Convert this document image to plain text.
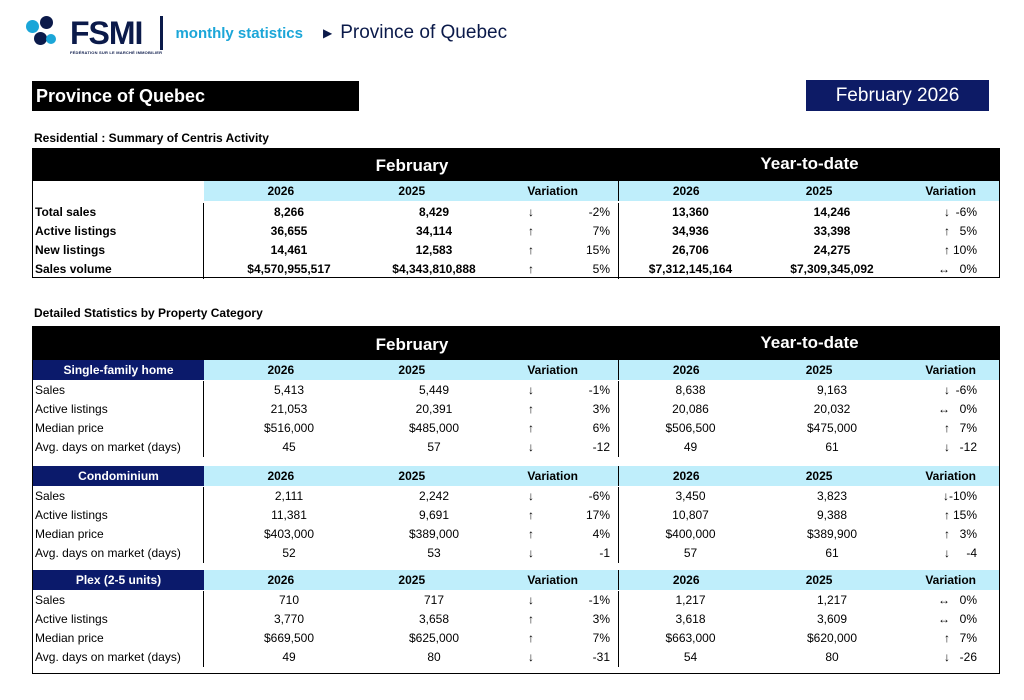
FSMI
FÉDÉRATION SUR LE MARCHÉ IMMOBILIER
monthly statistics ▶ Province of Quebec
Province of Quebec	February 2026
Residential : Summary of Centris Activity
February	Year-to-date
2026	2025	Variation	2026	2025	Variation
Total sales	8,266	8,429	↓	-2%	13,360	14,246	↓ -6%
Active listings	36,655	34,114	↑	7%	34,936	33,398	↑ 5%
New listings	14,461	12,583	↑	15%	26,706	24,275	↑ 10%
Sales volume	$4,570,955,517	$4,343,810,888	↑	5%	$7,312,145,164	$7,309,345,092	↔ 0%
Detailed Statistics by Property Category
February	Year-to-date
Single-family home	2026	2025	Variation	2026	2025	Variation
Sales	5,413	5,449	↓	-1%	8,638	9,163	↓ -6%
Active listings	21,053	20,391	↑	3%	20,086	20,032	↔ 0%
Median price	$516,000	$485,000	↑	6%	$506,500	$475,000	↑ 7%
Avg. days on market (days)	45	57	↓	-12	49	61	↓ -12
Condominium	2026	2025	Variation	2026	2025	Variation
Sales	2,111	2,242	↓	-6%	3,450	3,823	↓ -10%
Active listings	11,381	9,691	↑	17%	10,807	9,388	↑ 15%
Median price	$403,000	$389,000	↑	4%	$400,000	$389,900	↑ 3%
Avg. days on market (days)	52	53	↓	-1	57	61	↓	-4
Plex (2-5 units)	2026	2025	Variation	2026	2025	Variation
Sales	710	717	↓	-1%	1,217	1,217	↔ 0%
Active listings	3,770	3,658	↑	3%	3,618	3,609	↔ 0%
Median price	$669,500	$625,000	↑	7%	$663,000	$620,000	↑ 7%
Avg. days on market (days)	49	80	↓	-31	54	80	↓ -26
